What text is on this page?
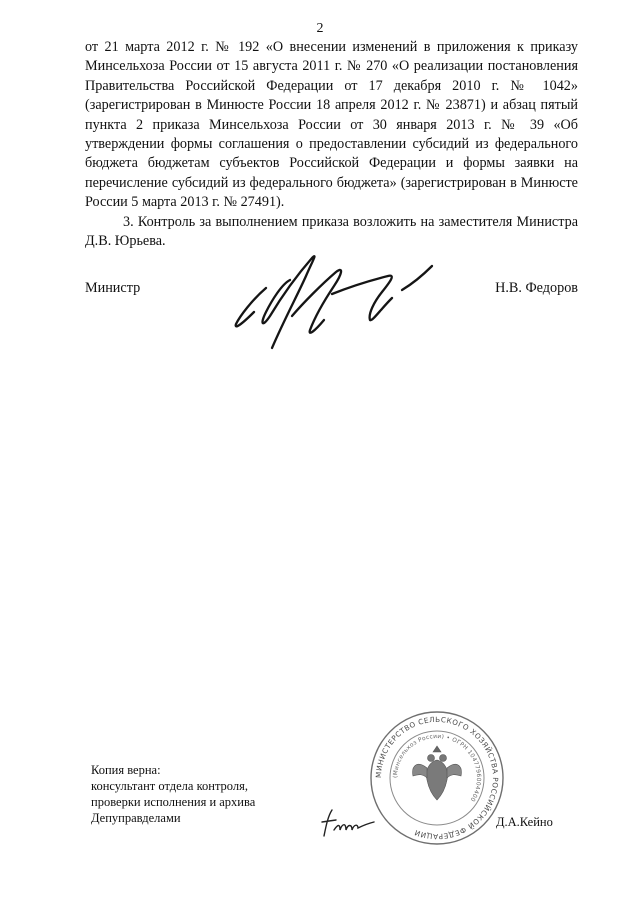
2

от 21 марта 2012 г. № 192 «О внесении изменений в приложения к приказу Минсельхоза России от 15 августа 2011 г. № 270 «О реализации постановления Правительства Российской Федерации от 17 декабря 2010 г. № 1042» (зарегистрирован в Минюсте России 18 апреля 2012 г. № 23871) и абзац пятый пункта 2 приказа Минсельхоза России от 30 января 2013 г. № 39 «Об утверждении формы соглашения о предоставлении субсидий из федерального бюджета бюджетам субъектов Российской Федерации и формы заявки на перечисление субсидий из федерального бюджета» (зарегистрирован в Минюсте России 5 марта 2013 г. № 27491).

3. Контроль за выполнением приказа возложить на заместителя Министра Д.В. Юрьева.

Министр	Н.В. Федоров
МИНИСТЕРСТВО СЕЛЬСКОГО ХОЗЯЙСТВА РОССИЙСКОЙ ФЕДЕРАЦИИ
(Минсельхоз России) • ОГРН 1047796004400
Копия верна:
консультант отдела контроля,
проверки исполнения и архива
Депуправделами	Д.А.Кейно
